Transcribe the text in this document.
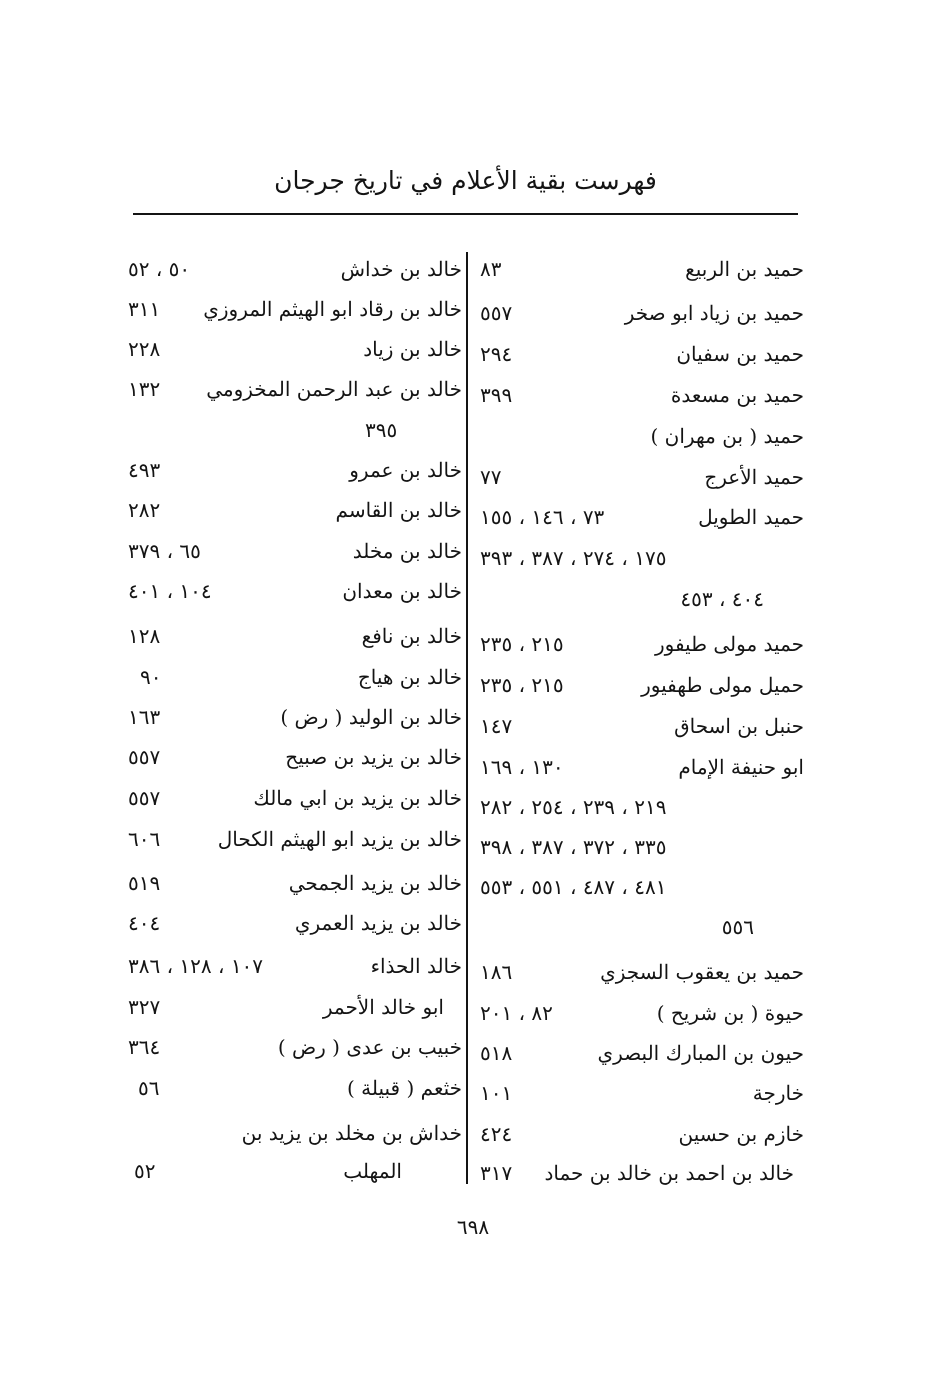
فهرست بقية الأعلام في تاريخ جرجان
حميد بن الربيع
٨٣
حميد بن زياد ابو صخر
٥٥٧
حميد بن سفيان
٢٩٤
حميد بن مسعدة
٣٩٩
حميد ( بن مهران )
حميد الأعرج
٧٧
حميد الطويل
٧٣ ، ١٤٦ ، ١٥٥
١٧٥ ، ٢٧٤ ، ٣٨٧ ، ٣٩٣
٤٠٤ ، ٤٥٣
حميد مولى طيفور
٢١٥ ، ٢٣٥
حميل مولى طهفيور
٢١٥ ، ٢٣٥
حنبل بن اسحاق
١٤٧
ابو حنيفة الإمام
١٣٠ ، ١٦٩
٢١٩ ، ٢٣٩ ، ٢٥٤ ، ٢٨٢
٣٣٥ ، ٣٧٢ ، ٣٨٧ ، ٣٩٨
٤٨١ ، ٤٨٧ ، ٥٥١ ، ٥٥٣
٥٥٦
حميد بن يعقوب السجزي
١٨٦
حيوة ( بن شريح )
٨٢ ، ٢٠١
حيون بن المبارك البصري
٥١٨
خارجة
١٠١
خازم بن حسين
٤٢٤
خالد بن احمد بن خالد بن حماد
٣١٧
خالد بن خداش
٥٠ ، ٥٢
خالد بن رقاد ابو الهيثم المروزي
٣١١
خالد بن زياد
٢٢٨
خالد بن عبد الرحمن المخزومي
١٣٢
٣٩٥
خالد بن عمرو
٤٩٣
خالد بن القاسم
٢٨٢
خالد بن مخلد
٦٥ ، ٣٧٩
خالد بن معدان
١٠٤ ، ٤٠١
خالد بن نافع
١٢٨
خالد بن هياج
٩٠
خالد بن الوليد ( رض )
١٦٣
خالد بن يزيد بن صبيح
٥٥٧
خالد بن يزيد بن ابي مالك
٥٥٧
خالد بن يزيد ابو الهيثم الكحال
٦٠٦
خالد بن يزيد الجمحي
٥١٩
خالد بن يزيد العمري
٤٠٤
خالد الحذاء
١٠٧ ، ١٢٨ ، ٣٨٦
ابو خالد الأحمر
٣٢٧
خبيب بن عدى ( رض )
٣٦٤
خثعم ( قبيلة )
٥٦
خداش بن مخلد بن يزيد بن
المهلب
٥٢
٦٩٨
